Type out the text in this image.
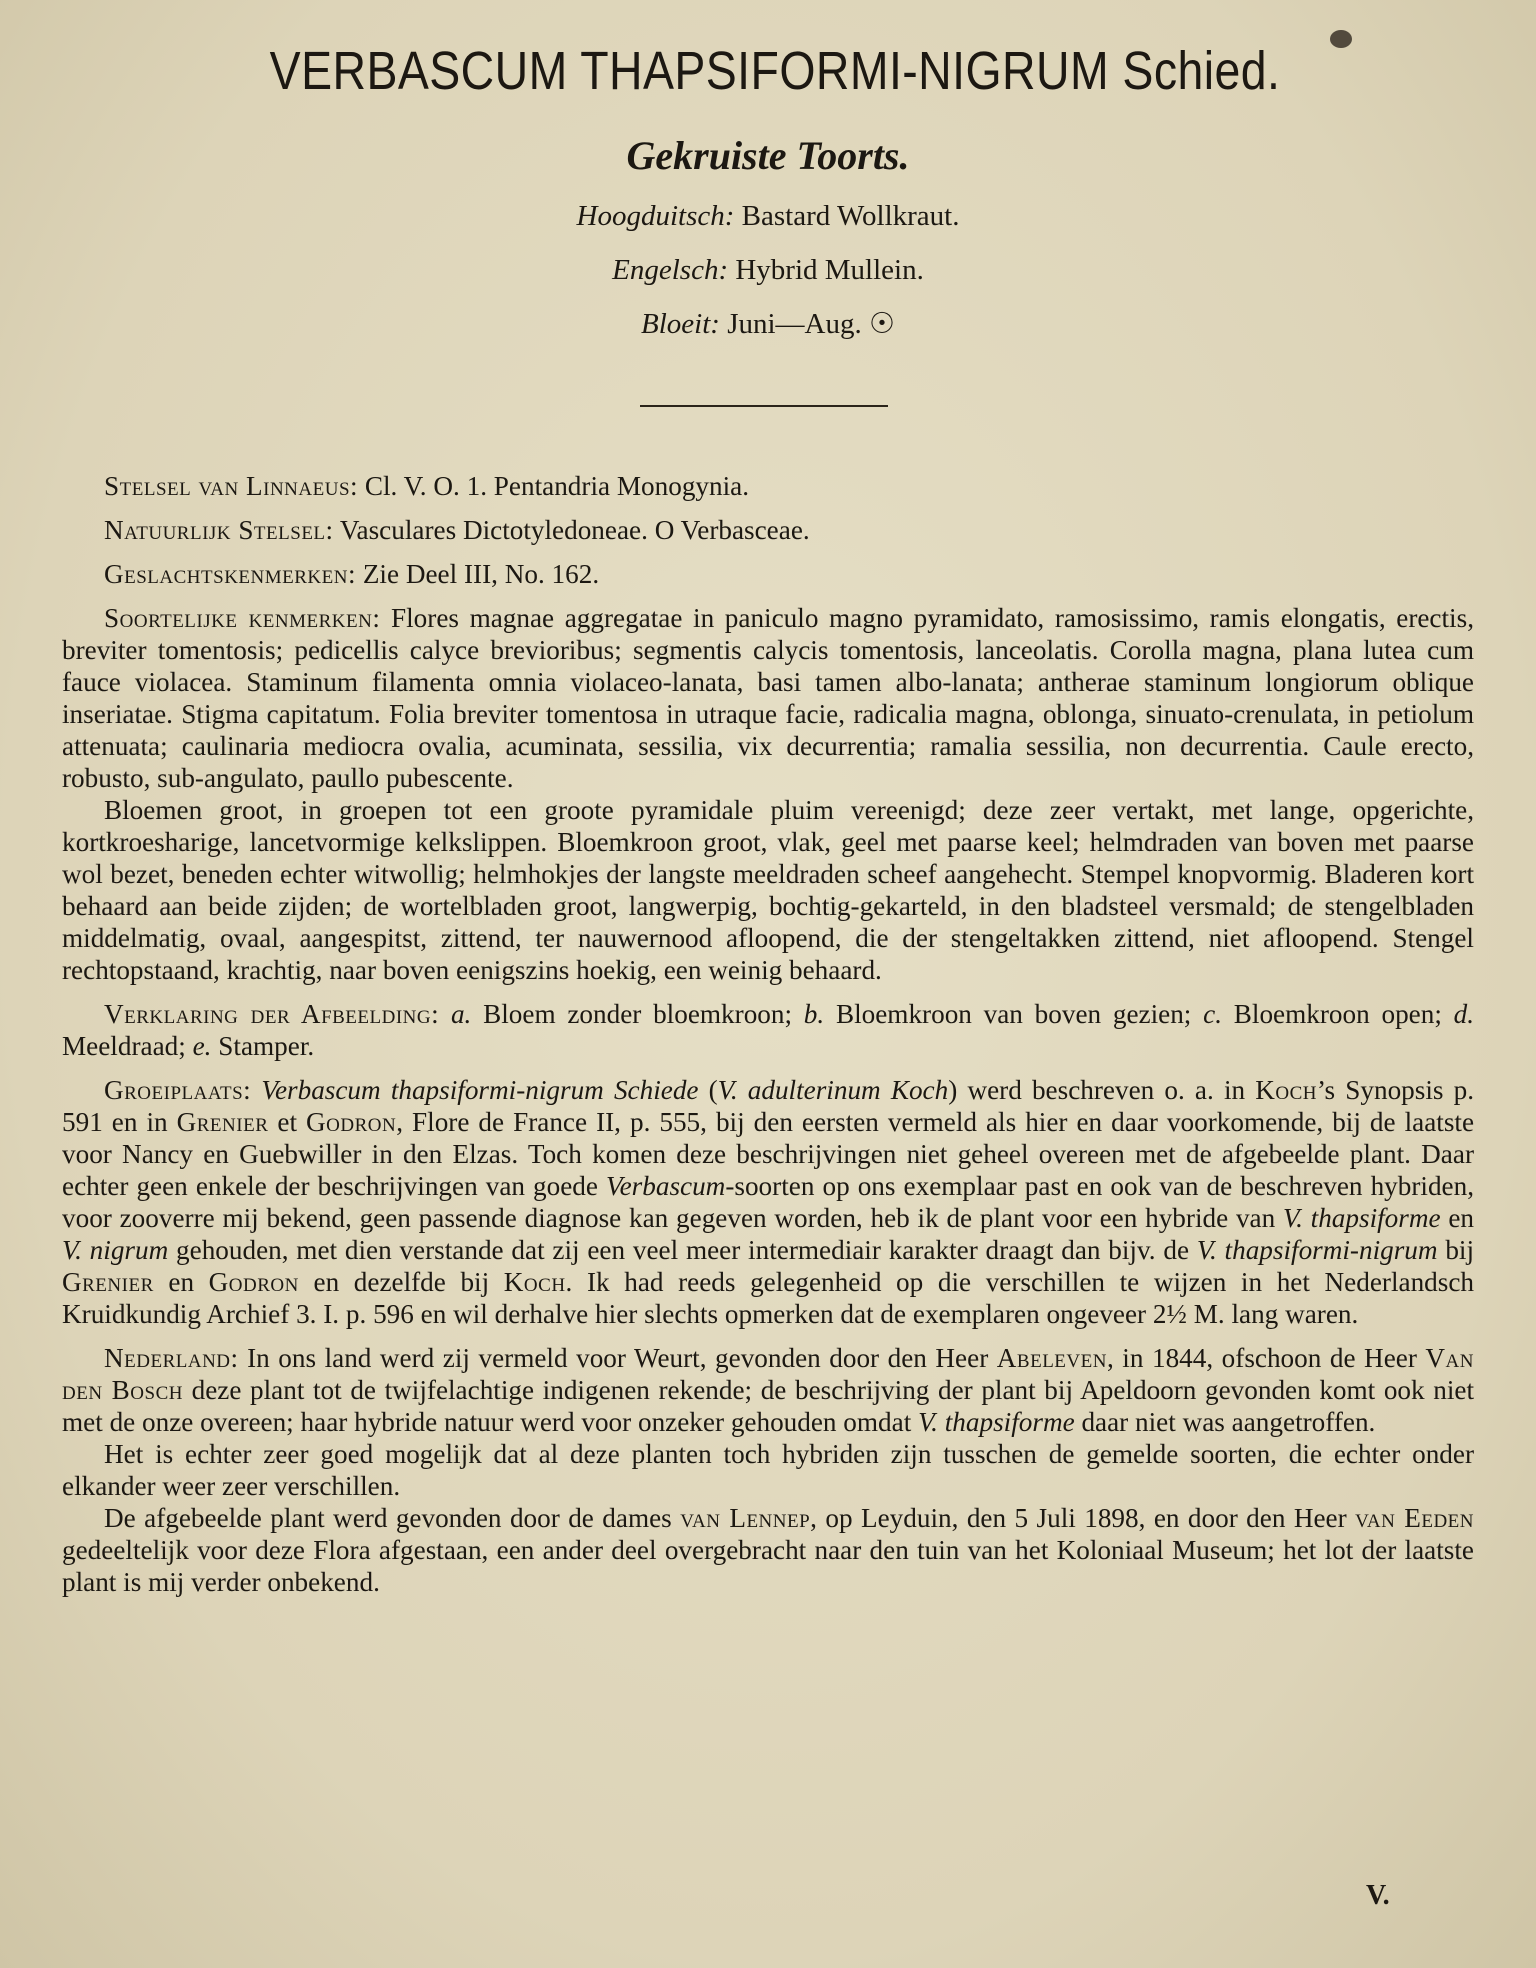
VERBASCUM THAPSIFORMI-NIGRUM Schied.
Gekruiste Toorts.
Hoogduitsch: Bastard Wollkraut.
Engelsch: Hybrid Mullein.
Bloeit: Juni—Aug. ☉

Stelsel van Linnaeus: Cl. V. O. 1. Pentandria Monogynia.

Natuurlijk Stelsel: Vasculares Dictotyledoneae. O Verbasceae.

Geslachtskenmerken: Zie Deel III, No. 162.

Soortelijke kenmerken: Flores magnae aggregatae in paniculo magno pyramidato, ramosissimo, ramis elongatis, erectis, breviter tomentosis; pedicellis calyce brevioribus; segmentis calycis tomentosis, lanceolatis. Corolla magna, plana lutea cum fauce violacea. Staminum filamenta omnia violaceo-lanata, basi tamen albo-lanata; antherae staminum longiorum oblique inseriatae. Stigma capitatum. Folia breviter tomentosa in utraque facie, radicalia magna, oblonga, sinuato-crenulata, in petiolum attenuata; caulinaria mediocra ovalia, acuminata, sessilia, vix decurrentia; ramalia sessilia, non decurrentia. Caule erecto, robusto, sub-angulato, paullo pubescente.

Bloemen groot, in groepen tot een groote pyramidale pluim vereenigd; deze zeer vertakt, met lange, opgerichte, kortkroesharige, lancetvormige kelkslippen. Bloemkroon groot, vlak, geel met paarse keel; helmdraden van boven met paarse wol bezet, beneden echter witwollig; helmhokjes der langste meeldraden scheef aangehecht. Stempel knopvormig. Bladeren kort behaard aan beide zijden; de wortelbladen groot, langwerpig, bochtig-gekarteld, in den bladsteel versmald; de stengelbladen middelmatig, ovaal, aangespitst, zittend, ter nauwernood afloopend, die der stengeltakken zittend, niet afloopend. Stengel rechtopstaand, krachtig, naar boven eenigszins hoekig, een weinig behaard.

Verklaring der Afbeelding: a. Bloem zonder bloemkroon; b. Bloemkroon van boven gezien; c. Bloemkroon open; d. Meeldraad; e. Stamper.

Groeiplaats: Verbascum thapsiformi-nigrum Schiede (V. adulterinum Koch) werd beschreven o. a. in Koch’s Synopsis p. 591 en in Grenier et Godron, Flore de France II, p. 555, bij den eersten vermeld als hier en daar voorkomende, bij de laatste voor Nancy en Guebwiller in den Elzas. Toch komen deze beschrijvingen niet geheel overeen met de afgebeelde plant. Daar echter geen enkele der beschrijvingen van goede Verbascum-soorten op ons exemplaar past en ook van de beschreven hybriden, voor zooverre mij bekend, geen passende diagnose kan gegeven worden, heb ik de plant voor een hybride van V. thapsiforme en V. nigrum gehouden, met dien verstande dat zij een veel meer intermediair karakter draagt dan bijv. de V. thapsiformi-nigrum bij Grenier en Godron en dezelfde bij Koch. Ik had reeds gelegenheid op die verschillen te wijzen in het Nederlandsch Kruidkundig Archief 3. I. p. 596 en wil derhalve hier slechts opmerken dat de exemplaren ongeveer 2½ M. lang waren.

Nederland: In ons land werd zij vermeld voor Weurt, gevonden door den Heer Abeleven, in 1844, ofschoon de Heer Van den Bosch deze plant tot de twijfelachtige indigenen rekende; de beschrijving der plant bij Apeldoorn gevonden komt ook niet met de onze overeen; haar hybride natuur werd voor onzeker gehouden omdat V. thapsiforme daar niet was aangetroffen.

Het is echter zeer goed mogelijk dat al deze planten toch hybriden zijn tusschen de gemelde soorten, die echter onder elkander weer zeer verschillen.

De afgebeelde plant werd gevonden door de dames van Lennep, op Leyduin, den 5 Juli 1898, en door den Heer van Eeden gedeeltelijk voor deze Flora afgestaan, een ander deel overgebracht naar den tuin van het Koloniaal Museum; het lot der laatste plant is mij verder onbekend.

V.
